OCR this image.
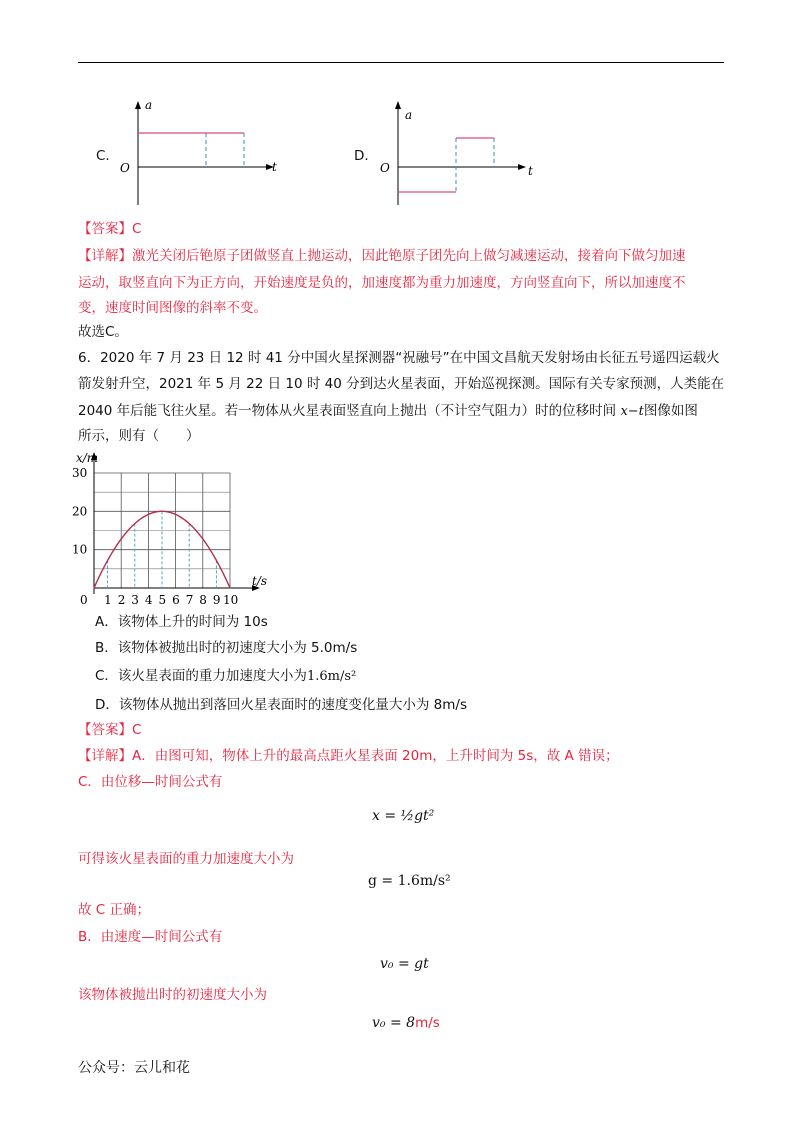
C.
a
t
O
D.
a
t
O
【答案】C
【详解】激光关闭后铯原子团做竖直上抛运动，因此铯原子团先向上做匀减速运动，接着向下做匀加速
运动，取竖直向下为正方向，开始速度是负的，加速度都为重力加速度，方向竖直向下，所以加速度不
变，速度时间图像的斜率不变。
故选C。
6．2020 年 7 月 23 日 12 时 41 分中国火星探测器“祝融号”在中国文昌航天发射场由长征五号遥四运载火
箭发射升空，2021 年 5 月 22 日 10 时 40 分到达火星表面，开始巡视探测。国际有关专家预测，人类能在
2040 年后能飞往火星。若一物体从火星表面竖直向上抛出（不计空气阻力）时的位移时间 x−t图像如图
所示，则有（　　）
0 1 2 3 4 5 6 7 8 9 10
10
20
30
x/m
t/s
A．该物体上升的时间为 10s
B．该物体被抛出时的初速度大小为 5.0m/s
C．该火星表面的重力加速度大小为1.6m/s²
D．该物体从抛出到落回火星表面时的速度变化量大小为 8m/s
【答案】C
【详解】A．由图可知，物体上升的最高点距火星表面 20m，上升时间为 5s，故 A 错误；
C．由位移—时间公式有
x = ½gt²
可得该火星表面的重力加速度大小为
g = 1.6m/s²
故 C 正确；
B．由速度—时间公式有
v₀ = gt
该物体被抛出时的初速度大小为
v₀ = 8m/s
公众号：云儿和花
